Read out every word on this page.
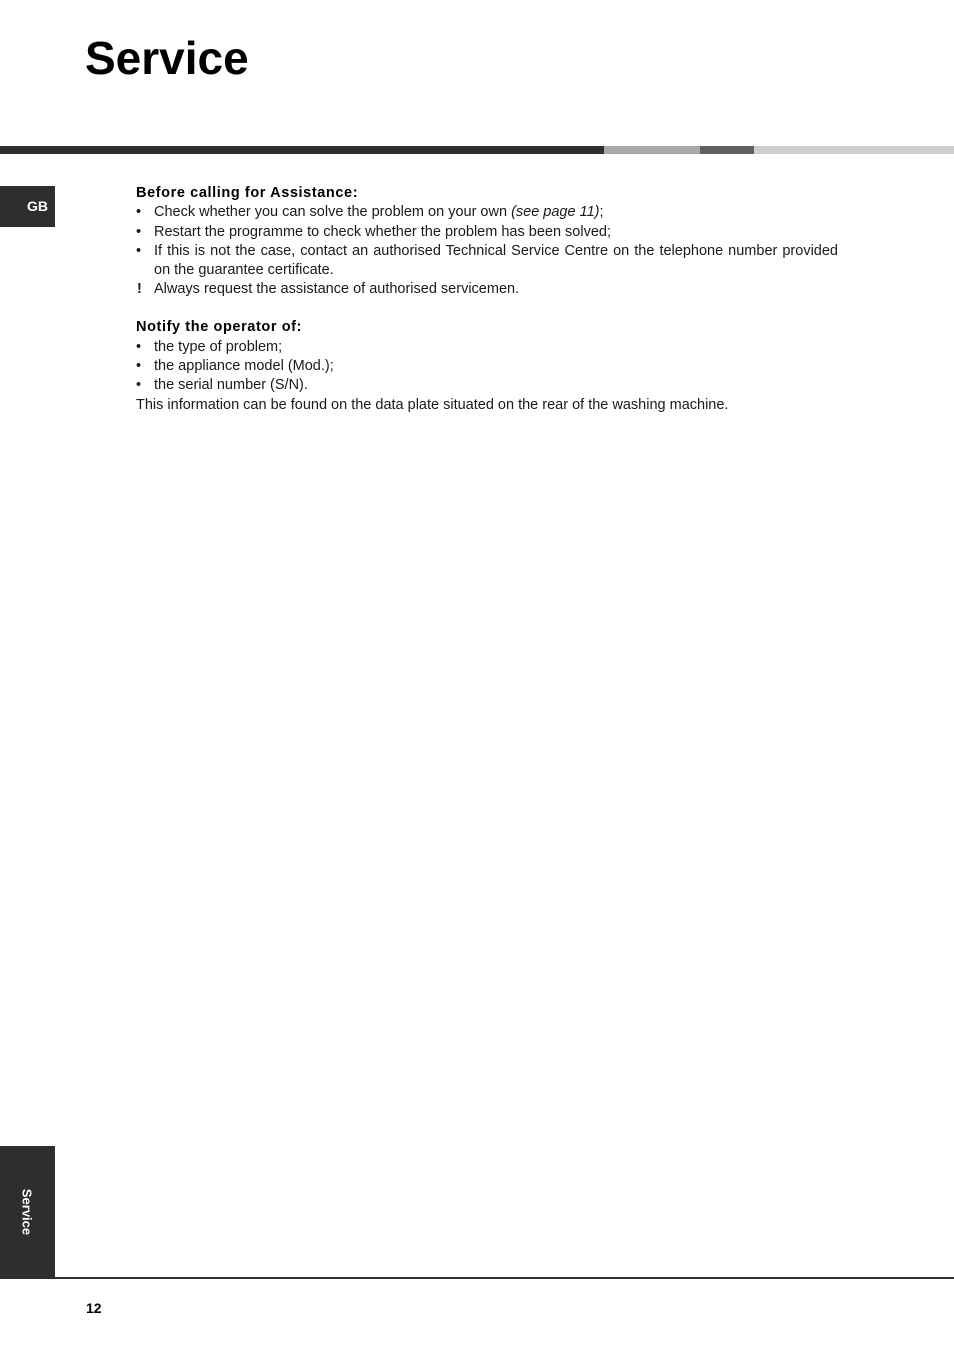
Service
GB

Before calling for Assistance:

• Check whether you can solve the problem on your own (see page 11);
• Restart the programme to check whether the problem has been solved;
• If this is not the case, contact an authorised Technical Service Centre on the telephone number provided on the guarantee certificate.
! Always request the assistance of authorised servicemen.

Notify the operator of:

• the type of problem;
• the appliance model (Mod.);
• the serial number (S/N).

This information can be found on the data plate situated on the rear of the washing machine.

Service
12
